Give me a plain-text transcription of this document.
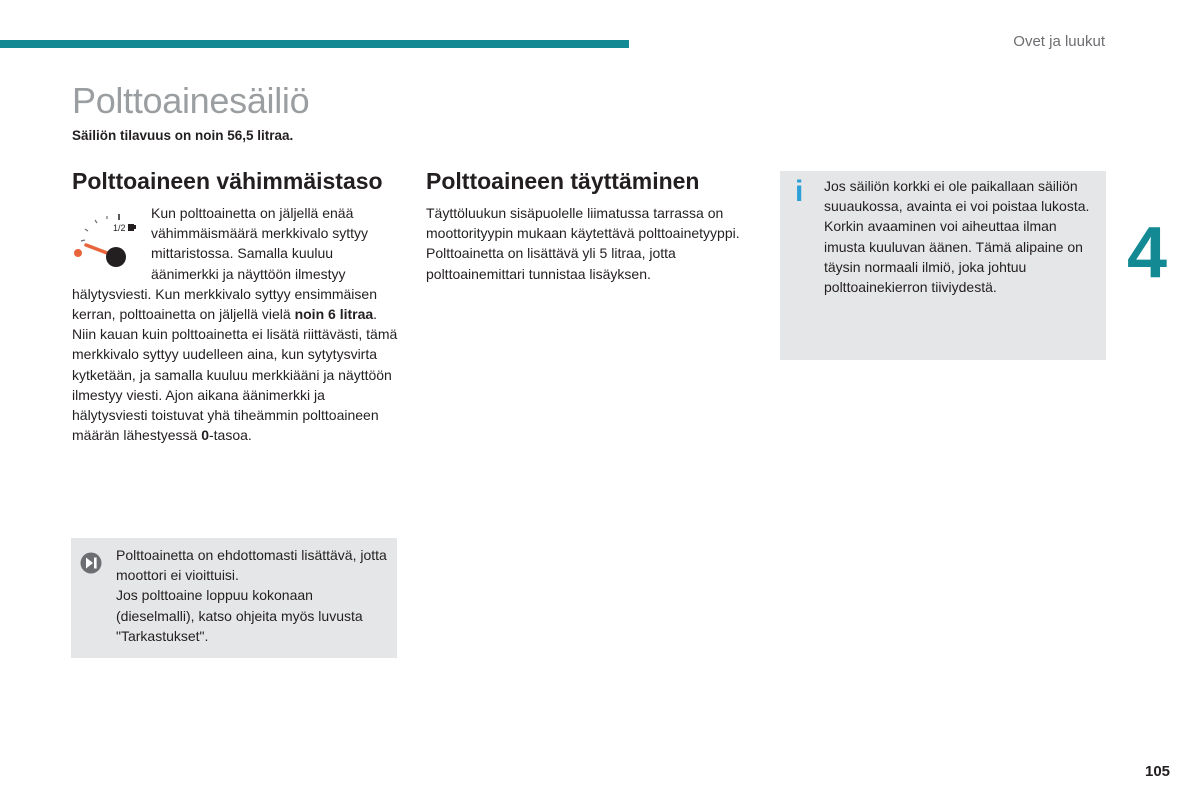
Ovet ja luukut
Polttoainesäiliö
Säiliön tilavuus on noin 56,5 litraa.
Polttoaineen vähimmäistaso Polttoaineen täyttäminen
1/2

Kun polttoainetta on jäljellä enää vähimmäismäärä merkkivalo syttyy mittaristossa. Samalla kuuluu äänimerkki ja näyttöön ilmestyy hälytysviesti. Kun merkkivalo syttyy ensimmäisen kerran, polttoainetta on jäljellä vielä noin 6 litraa.

Niin kauan kuin polttoainetta ei lisätä riittävästi, tämä merkkivalo syttyy uudelleen aina, kun sytytysvirta kytketään, ja samalla kuuluu merkkiääni ja näyttöön ilmestyy viesti. Ajon aikana äänimerkki ja hälytysviesti toistuvat yhä tiheämmin polttoaineen määrän lähestyessä 0-tasoa.

Täyttöluukun sisäpuolelle liimatussa tarrassa on moottorityypin mukaan käytettävä polttoainetyyppi.

Polttoainetta on lisättävä yli 5 litraa, jotta polttoainemittari tunnistaa lisäyksen.

Polttoainetta on ehdottomasti lisättävä, jotta moottori ei vioittuisi.

Jos polttoaine loppuu kokonaan (dieselmalli), katso ohjeita myös luvusta "Tarkastukset".

i Jos säiliön korkki ei ole paikallaan säiliön suuaukossa, avainta ei voi poistaa lukosta.

Korkin avaaminen voi aiheuttaa ilman imusta kuuluvan äänen. Tämä alipaine on täysin normaali ilmiö, joka johtuu polttoainekierron tiiviydestä.	4
105
